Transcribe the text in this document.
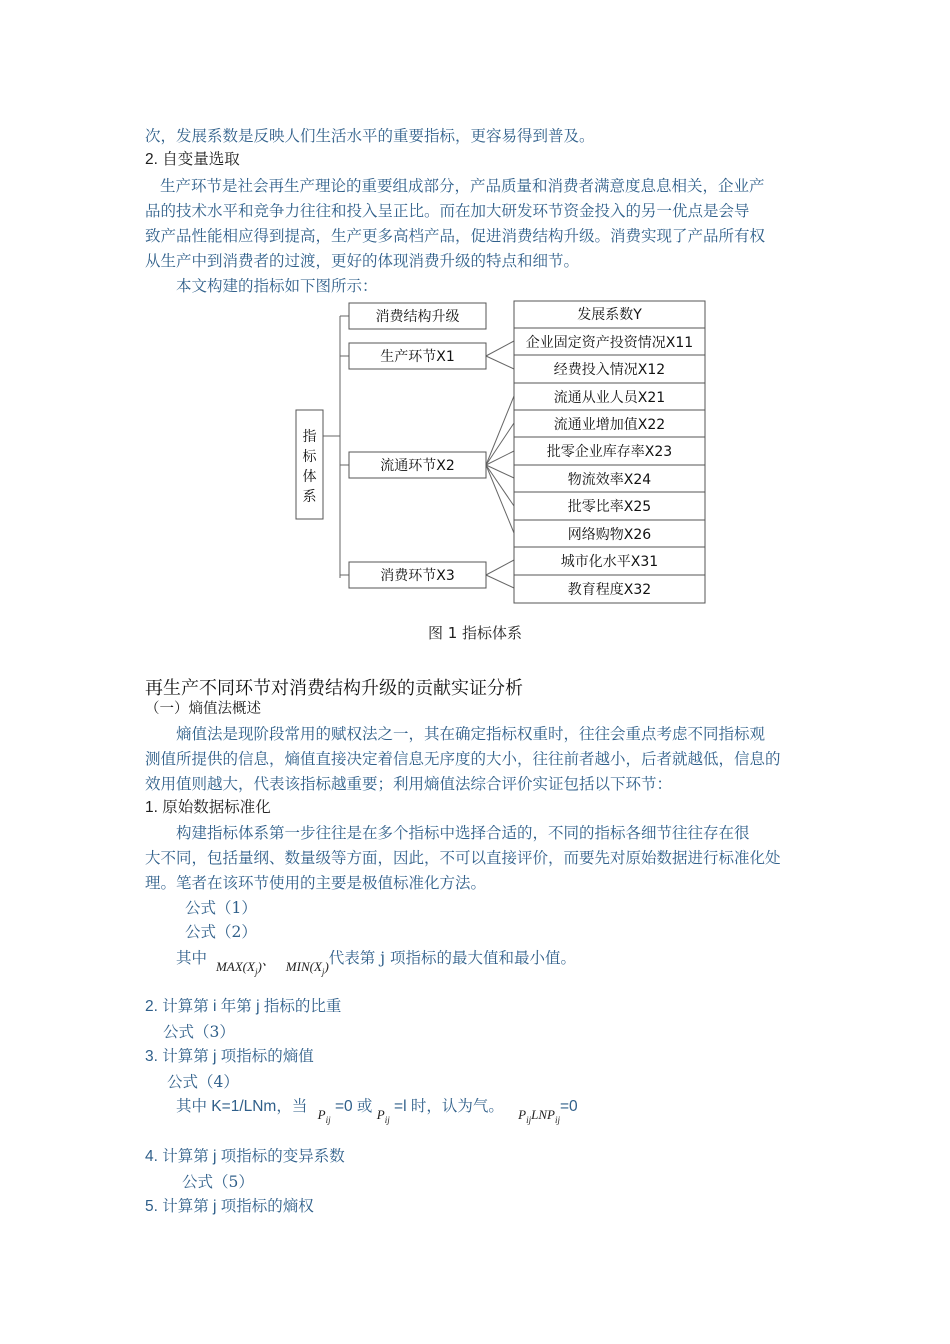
次，发展系数是反映人们生活水平的重要指标，更容易得到普及。
2. 自变量选取
生产环节是社会再生产理论的重要组成部分，产品质量和消费者满意度息息相关，企业产
品的技术水平和竞争力往往和投入呈正比。而在加大研发环节资金投入的另一优点是会导
致产品性能相应得到提高，生产更多高档产品，促进消费结构升级。消费实现了产品所有权
从生产中到消费者的过渡，更好的体现消费升级的特点和细节。
本文构建的指标如下图所示：
指
标
体
系
消费结构升级
生产环节X1
流通环节X2
消费环节X3
发展系数Y
企业固定资产投资情况X11
经费投入情况X12
流通从业人员X21
流通业增加值X22
批零企业库存率X23
物流效率X24
批零比率X25
网络购物X26
城市化水平X31
教育程度X32
图 1 指标体系
再生产不同环节对消费结构升级的贡献实证分析
（一）熵值法概述
熵值法是现阶段常用的赋权法之一，其在确定指标权重时，往往会重点考虑不同指标观
测值所提供的信息，熵值直接决定着信息无序度的大小，往往前者越小，后者就越低，信息的
效用值则越大，代表该指标越重要；利用熵值法综合评价实证包括以下环节：
1. 原始数据标准化
构建指标体系第一步往往是在多个指标中选择合适的，不同的指标各细节往往存在很
大不同，包括量纲、数量级等方面，因此，不可以直接评价，而要先对原始数据进行标准化处
理。笔者在该环节使用的主要是极值标准化方法。
公式（1）
公式（2）
其中 $_{MAX(X_j)}$、 $_{MIN(X_j)}$代表第 j 项指标的最大值和最小值。
2. 计算第 i 年第 j 指标的比重
公式（3）
3. 计算第 j 项指标的熵值
公式（4）
其中 K=1/LNm，当 $_{P_{ij}}$ =0 或 $_{P_{ij}}$ =l 时，认为气。 $_{P_{ij}LNP_{ij}}$=0
4. 计算第 j 项指标的变异系数
公式（5）
5. 计算第 j 项指标的熵权
